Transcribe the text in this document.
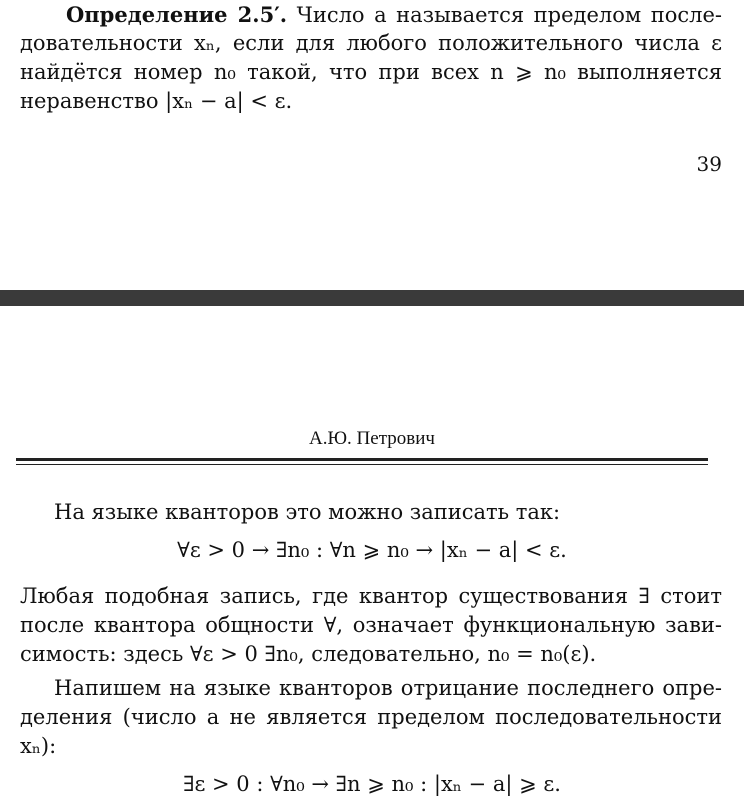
Определение 2.5′. Число a называется пределом после-
довательности xₙ, если для любого положительного числа ε
найдётся номер n₀ такой, что при всех n ⩾ n₀ выполняется
неравенство |xₙ − a| < ε.
39
А.Ю. Петрович
На языке кванторов это можно записать так:
∀ε > 0 → ∃n₀ : ∀n ⩾ n₀ → |xₙ − a| < ε.
Любая подобная запись, где квантор существования ∃ стоит
после квантора общности ∀, означает функциональную зави-
симость: здесь ∀ε > 0 ∃n₀, следовательно, n₀ = n₀(ε).
Напишем на языке кванторов отрицание последнего опре-
деления (число a не является пределом последовательности
xₙ):
∃ε > 0 : ∀n₀ → ∃n ⩾ n₀ : |xₙ − a| ⩾ ε.
